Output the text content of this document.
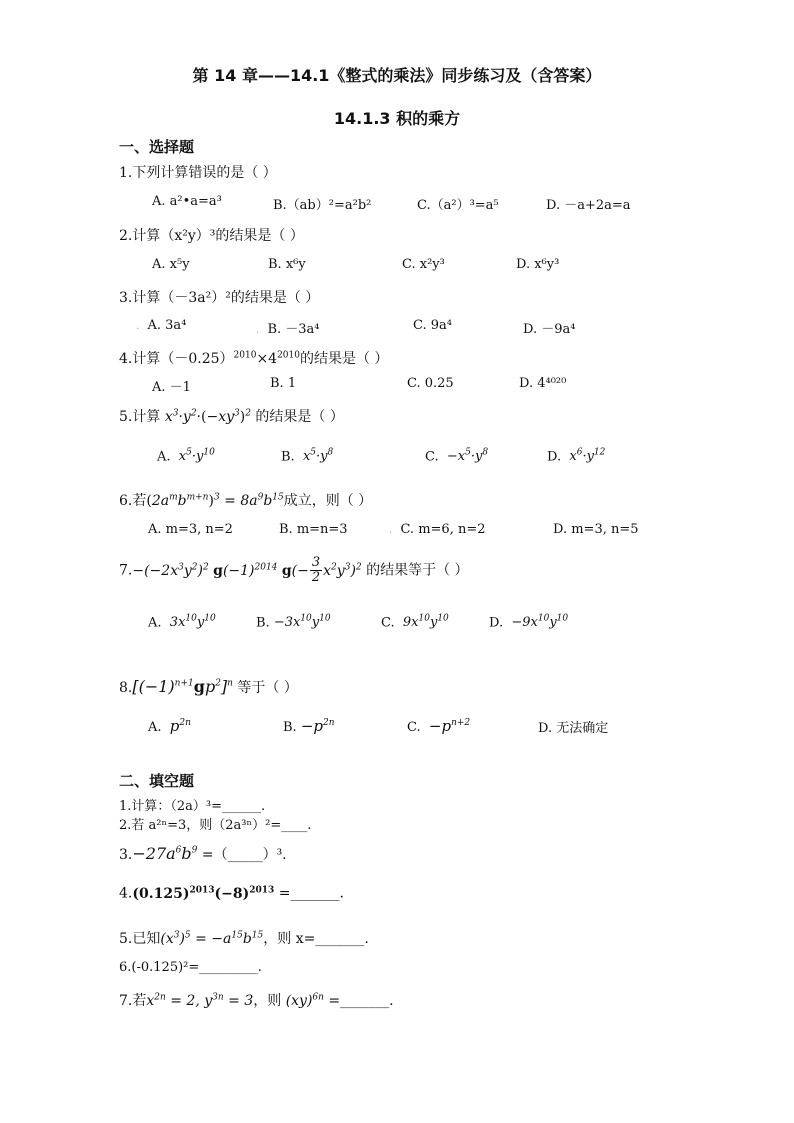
第 14 章——14.1《整式的乘法》同步练习及（含答案）
14.1.3 积的乘方
一、选择题
1.下列计算错误的是（ ）
A. a²•a=a³	B.（ab）²=a²b²	C.（a²）³=a⁵	D. －a+2a=a
2.计算（x²y）³的结果是（ ）
A. x⁵y	B. x⁶y	C. x²y³	D. x⁶y³
3.计算（－3a²）²的结果是（ ）
. A. 3a⁴	. B. －3a⁴	C. 9a⁴	D. －9a⁴
4.计算$(-0.25)^{2010}\times 4^{2010}$的结果是（ ）
A. －1	B. 1	C. 0.25	D. 4⁴⁰²⁰
5.计算 $x^3\cdot y^2\cdot(-xy^3)^2$ 的结果是（ ）
A. $x^5\cdot y^{10}$	B. $x^5\cdot y^8$	C. $-x^5\cdot y^8$	D. $x^6\cdot y^{12}$
6.若$(2a^mb^{m+n})^3 = 8a^9b^{15}$成立，则（ ）
A. m=3, n=2	B. m=n=3	. C. m=6, n=2	D. m=3, n=5
$7.-(-2x^3y^2)^2$ $g(-1)^{2014}$ $g(- \frac{3}{2} x^2y^3)^2$ 的结果等于（ ）
A. $3x^{10}y^{10}$	B. $-3x^{10}y^{10}$	C. $9x^{10}y^{10}$	D. $-9x^{10}y^{10}$
$8.[(-1)^{n+1}gp^2]^n$ 等于（ ）
A. $p^{2n}$	B. $-p^{2n}$	C. $-p^{n+2}$	D. 无法确定
二、填空题
1.计算：（2a）³=______.
2.若 a²ⁿ=3，则（2a³ⁿ）²=____.
$3.-27a^6b^9$ =（_____）³.
$4.(0.125)^{2013}(-8)^{2013}$ =_______.
5.已知$(x^3)^5 = -a^{15}b^{15}$，则 x=_______.
6.(-0.125)²=_________.
7.若$x^{2n} = 2$, $y^{3n} = 3$，则 (xy)$^{6n}$ =_______.
